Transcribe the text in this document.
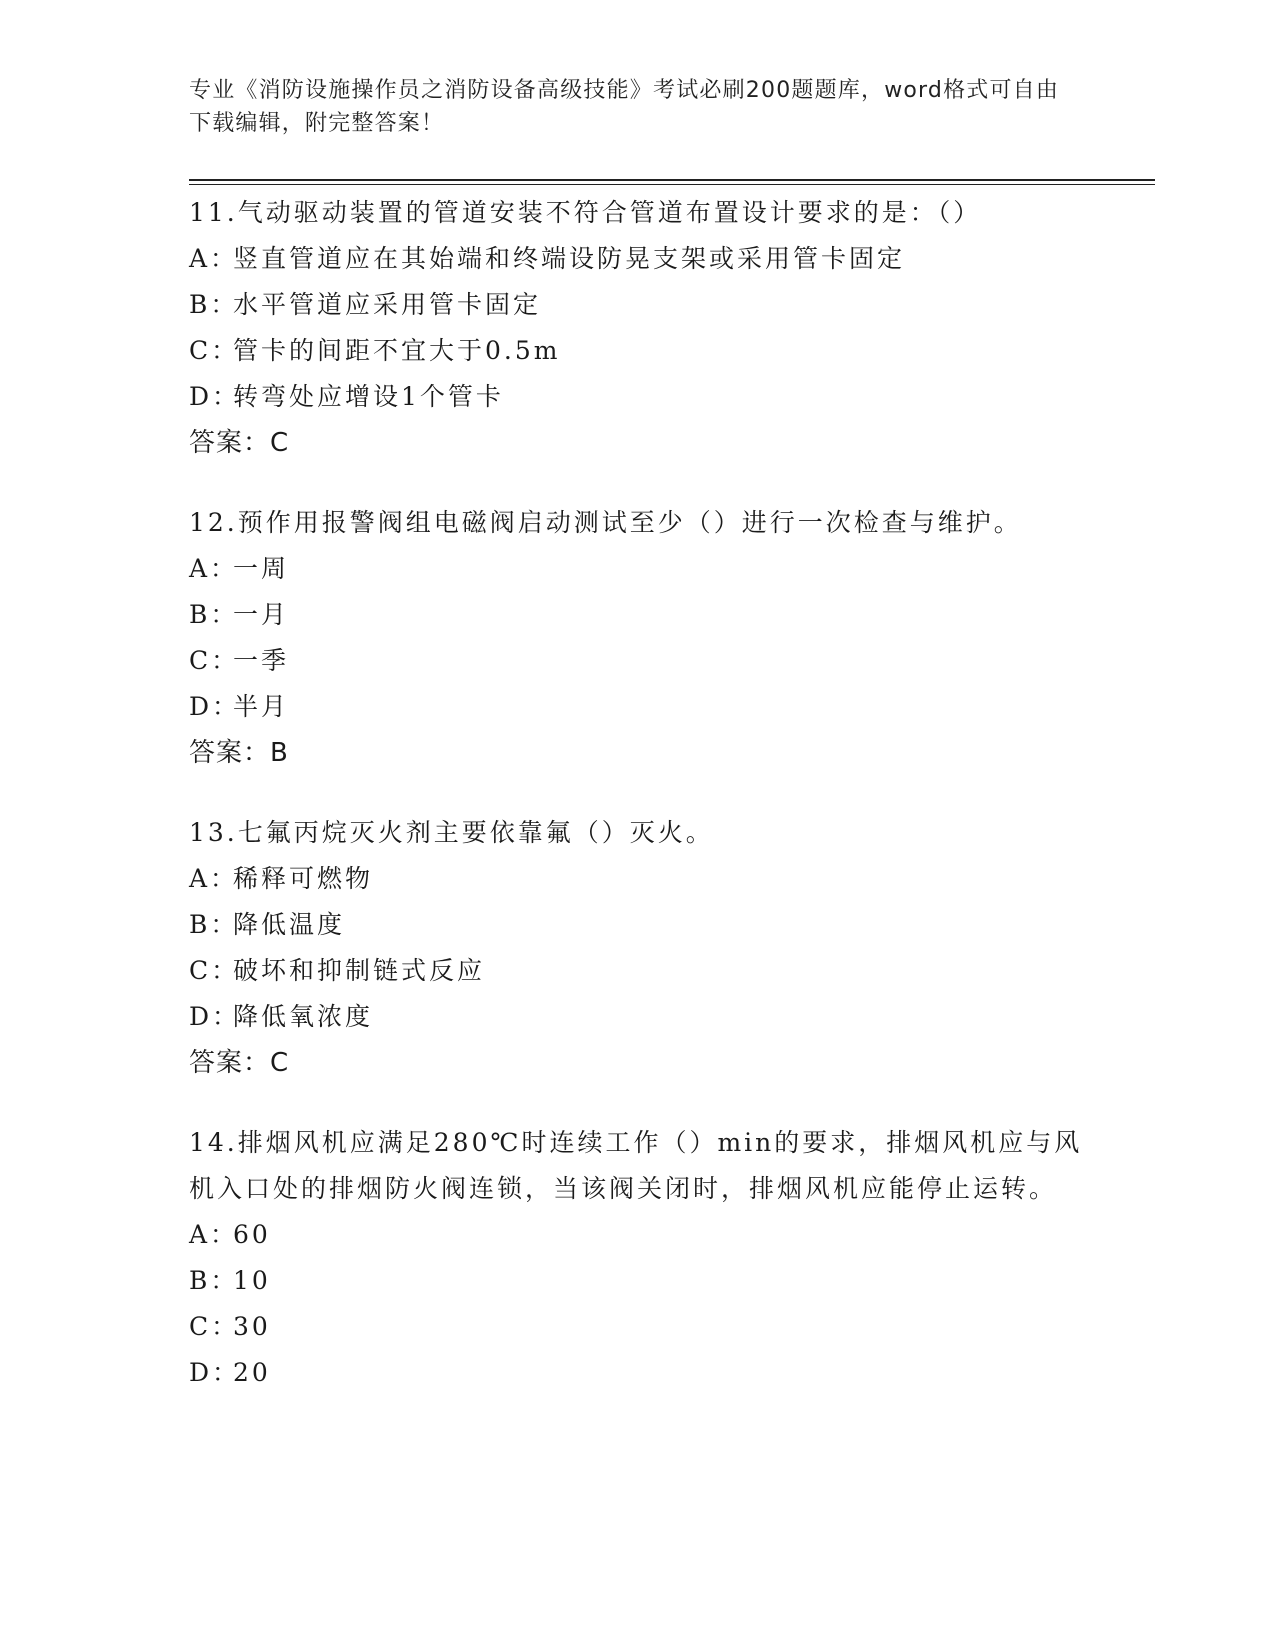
专业《消防设施操作员之消防设备高级技能》考试必刷200题题库，word格式可自由下载编辑，附完整答案！

11.气动驱动装置的管道安装不符合管道布置设计要求的是：（）

A：竖直管道应在其始端和终端设防晃支架或采用管卡固定

B：水平管道应采用管卡固定

C：管卡的间距不宜大于0.5m

D：转弯处应增设1个管卡

答案：C

12.预作用报警阀组电磁阀启动测试至少（）进行一次检查与维护。

A：一周

B：一月

C：一季

D：半月

答案：B

13.七氟丙烷灭火剂主要依靠氟（）灭火。

A：稀释可燃物

B：降低温度

C：破坏和抑制链式反应

D：降低氧浓度

答案：C

14.排烟风机应满足280℃时连续工作（）min的要求，排烟风机应与风机入口处的排烟防火阀连锁，当该阀关闭时，排烟风机应能停止运转。

A：60

B：10

C：30

D：20
